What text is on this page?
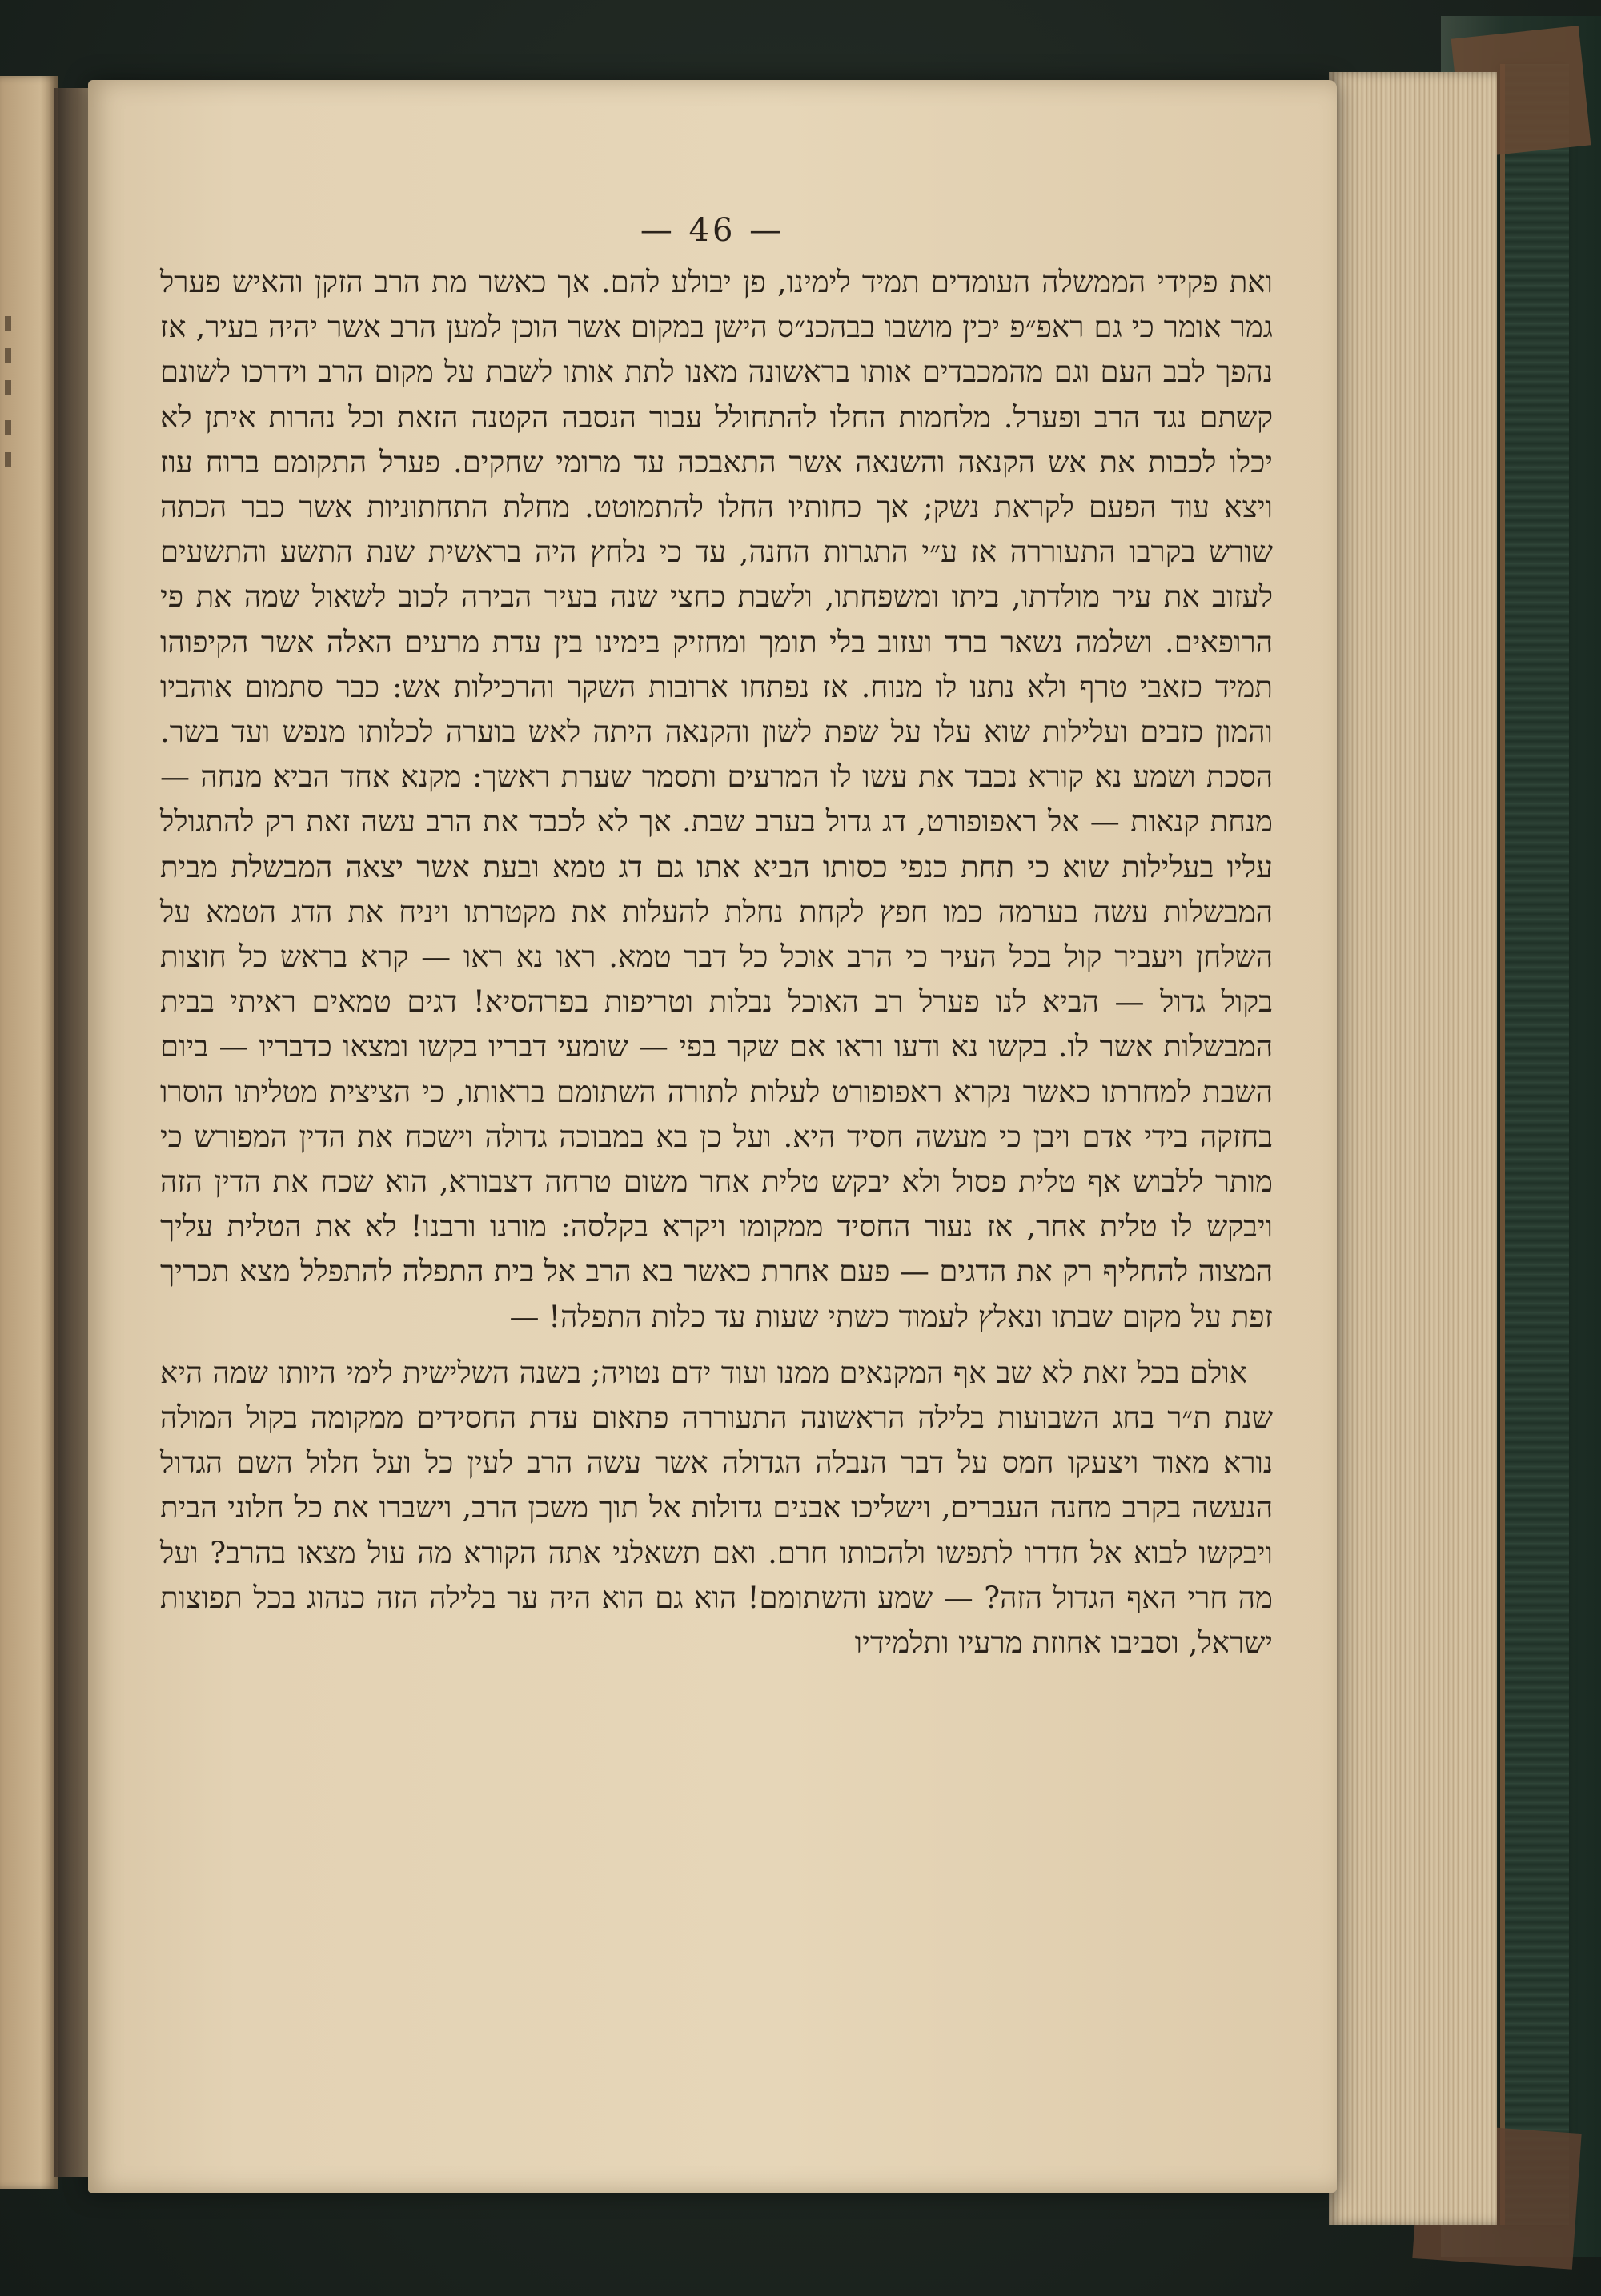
— 46 —

ואת פקידי הממשלה העומדים תמיד לימינו, פן יבולע להם. אך כאשר מת הרב הזקן והאיש פערל גמר אומר כי גם ראפ״פ יכין מושבו בבהכנ״ס הישן במקום אשר הוכן למען הרב אשר יהיה בעיר, אז נהפך לבב העם וגם מהמכבדים אותו בראשונה מאנו לתת אותו לשבת על מקום הרב וידרכו לשונם קשתם נגד הרב ופערל. מלחמות החלו להתחולל עבור הנסבה הקטנה הזאת וכל נהרות איתן לא יכלו לכבות את אש הקנאה והשנאה אשר התאבכה עד מרומי שחקים. פערל התקומם ברוח עוז ויצא עוד הפעם לקראת נשק; אך כחותיו החלו להתמוטט. מחלת התחתוניות אשר כבר הכתה שורש בקרבו התעוררה אז ע״י התגרות החנה, עד כי נלחץ היה בראשית שנת התשע והתשעים לעזוב את עיר מולדתו, ביתו ומשפחתו, ולשבת כחצי שנה בעיר הבירה לכוב לשאול שמה את פי הרופאים. ושלמה נשאר ברד ועזוב בלי תומך ומחזיק בימינו בין עדת מרעים האלה אשר הקיפוהו תמיד כזאבי טרף ולא נתנו לו מנוח. אז נפתחו ארובות השקר והרכילות אש: כבר סתמום אוהביו והמון כזבים ועלילות שוא עלו על שפת לשון והקנאה היתה לאש בוערה לכלותו מנפש ועד בשר. הסכת ושמע נא קורא נכבד את עשו לו המרעים ותסמר שערת ראשך: מקנא אחד הביא מנחה — מנחת קנאות — אל ראפופורט, דג גדול בערב שבת. אך לא לכבד את הרב עשה זאת רק להתגולל עליו בעלילות שוא כי תחת כנפי כסותו הביא אתו גם דג טמא ובעת אשר יצאה המבשלת מבית המבשלות עשה בערמה כמו חפץ לקחת נחלת להעלות את מקטרתו ויניח את הדג הטמא על השלחן ויעביר קול בכל העיר כי הרב אוכל כל דבר טמא. ראו נא ראו — קרא בראש כל חוצות בקול גדול — הביא לנו פערל רב האוכל נבלות וטריפות בפרהסיא! דגים טמאים ראיתי בבית המבשלות אשר לו. בקשו נא ודעו וראו אם שקר בפי — שומעי דבריו בקשו ומצאו כדבריו — ביום השבת למחרתו כאשר נקרא ראפופורט לעלות לתורה השתומם בראותו, כי הציצית מטליתו הוסרו בחזקה בידי אדם ויבן כי מעשה חסיד היא. ועל כן בא במבוכה גדולה וישכח את הדין המפורש כי מותר ללבוש אף טלית פסול ולא יבקש טלית אחר משום טרחה דצבורא, הוא שכח את הדין הזה ויבקש לו טלית אחר, אז נעור החסיד ממקומו ויקרא בקלסה: מורנו ורבנו! לא את הטלית עליך המצוה להחליף רק את הדגים — פעם אחרת כאשר בא הרב אל בית התפלה להתפלל מצא תכריך זפת על מקום שבתו ונאלץ לעמוד כשתי שעות עד כלות התפלה! —

אולם בכל זאת לא שב אף המקנאים ממנו ועוד ידם נטויה; בשנה השלישית לימי היותו שמה היא שנת ת״ר בחג השבועות בלילה הראשונה התעוררה פתאום עדת החסידים ממקומה בקול המולה נורא מאוד ויצעקו חמס על דבר הנבלה הגדולה אשר עשה הרב לעין כל ועל חלול השם הגדול הנעשה בקרב מחנה העברים, וישליכו אבנים גדולות אל תוך משכן הרב, וישברו את כל חלוני הבית ויבקשו לבוא אל חדרו לתפשו ולהכותו חרם. ואם תשאלני אתה הקורא מה עול מצאו בהרב? ועל מה חרי האף הגדול הזה? — שמע והשתומם! הוא גם הוא היה ער בלילה הזה כנהוג בכל תפוצות ישראל, וסביבו אחוזת מרעיו ותלמידיו
